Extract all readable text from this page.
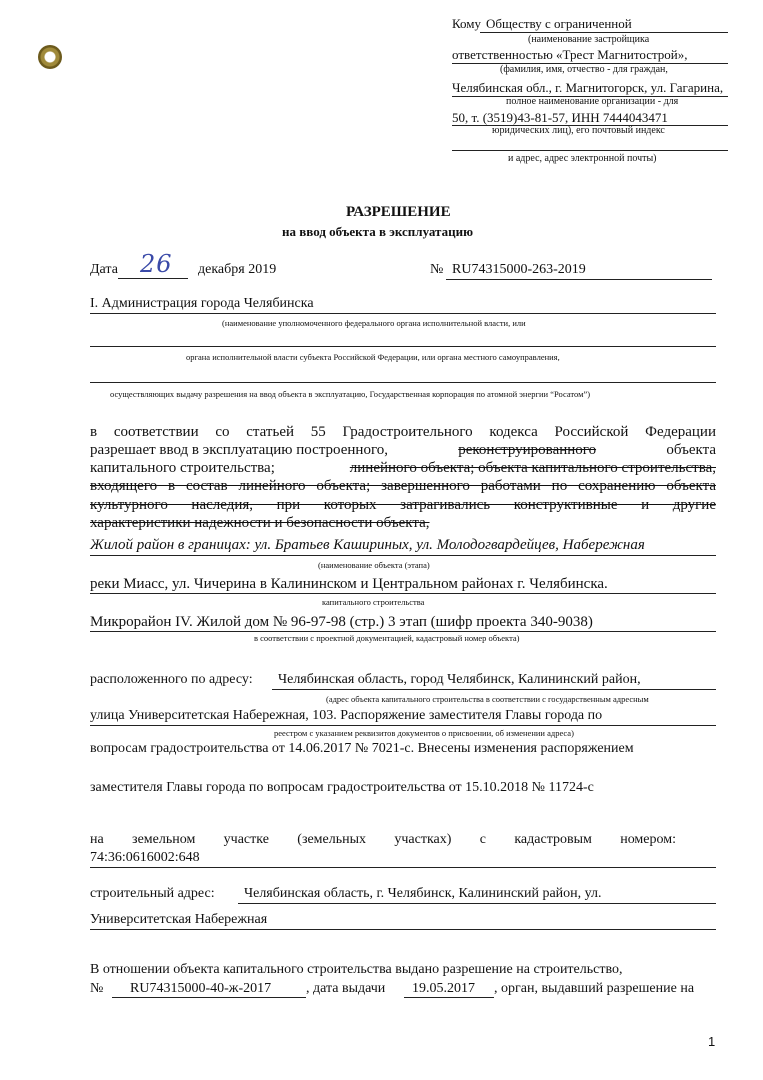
Кому Обществу с ограниченной
(наименование застройщика
ответственностью «Трест Магнитострой»,
(фамилия, имя, отчество - для граждан,
Челябинская обл., г. Магнитогорск, ул. Гагарина,
полное наименование организации - для
50, т. (3519)43-81-57, ИНН 7444043471
юридических лиц), его почтовый индекс
и адрес, адрес электронной почты)
РАЗРЕШЕНИЕ
на ввод объекта в эксплуатацию
Дата 26 декабря 2019	№ RU74315000-263-2019
I. Администрация города Челябинска
(наименование уполномоченного федерального органа исполнительной власти, или
органа исполнительной власти субъекта Российской Федерации, или органа местного самоуправления,
осуществляющих выдачу разрешения на ввод объекта в эксплуатацию, Государственная корпорация по атомной энергии “Росатом”)
в соответствии со статьей 55 Градостроительного кодекса Российской Федерации
разрешает ввод в эксплуатацию построенного,	реконструированного	объекта
капитального строительства;	линейного объекта; объекта капитального строительства,
входящего в состав линейного объекта; завершенного работами по сохранению объекта
культурного наследия, при которых затрагивались конструктивные и другие
характеристики надежности и безопасности объекта,
Жилой район в границах: ул. Братьев Кашириных, ул. Молодогвардейцев, Набережная
(наименование объекта (этапа)
реки Миасс, ул. Чичерина в Калининском и Центральном районах г. Челябинска.
капитального строительства
Микрорайон IV. Жилой дом № 96-97-98 (стр.) 3 этап (шифр проекта 340-9038)
в соответствии с проектной документацией, кадастровый номер объекта)
расположенного по адресу: Челябинская область, город Челябинск, Калининский район,
(адрес объекта капитального строительства в соответствии с государственным адресным
улица Университетская Набережная, 103. Распоряжение заместителя Главы города по
реестром с указанием реквизитов документов о присвоении, об изменении адреса)
вопросам градостроительства от 14.06.2017 № 7021-с. Внесены изменения распоряжением
заместителя Главы города по вопросам градостроительства от 15.10.2018 № 11724-с
на земельном участке (земельных участках) с кадастровым номером:
74:36:0616002:648
строительный адрес: Челябинская область, г. Челябинск, Калининский район, ул.
Университетская Набережная
В отношении объекта капитального строительства выдано разрешение на строительство,
№ RU74315000-40-ж-2017 , дата выдачи 19.05.2017 , орган, выдавший разрешение на
1
